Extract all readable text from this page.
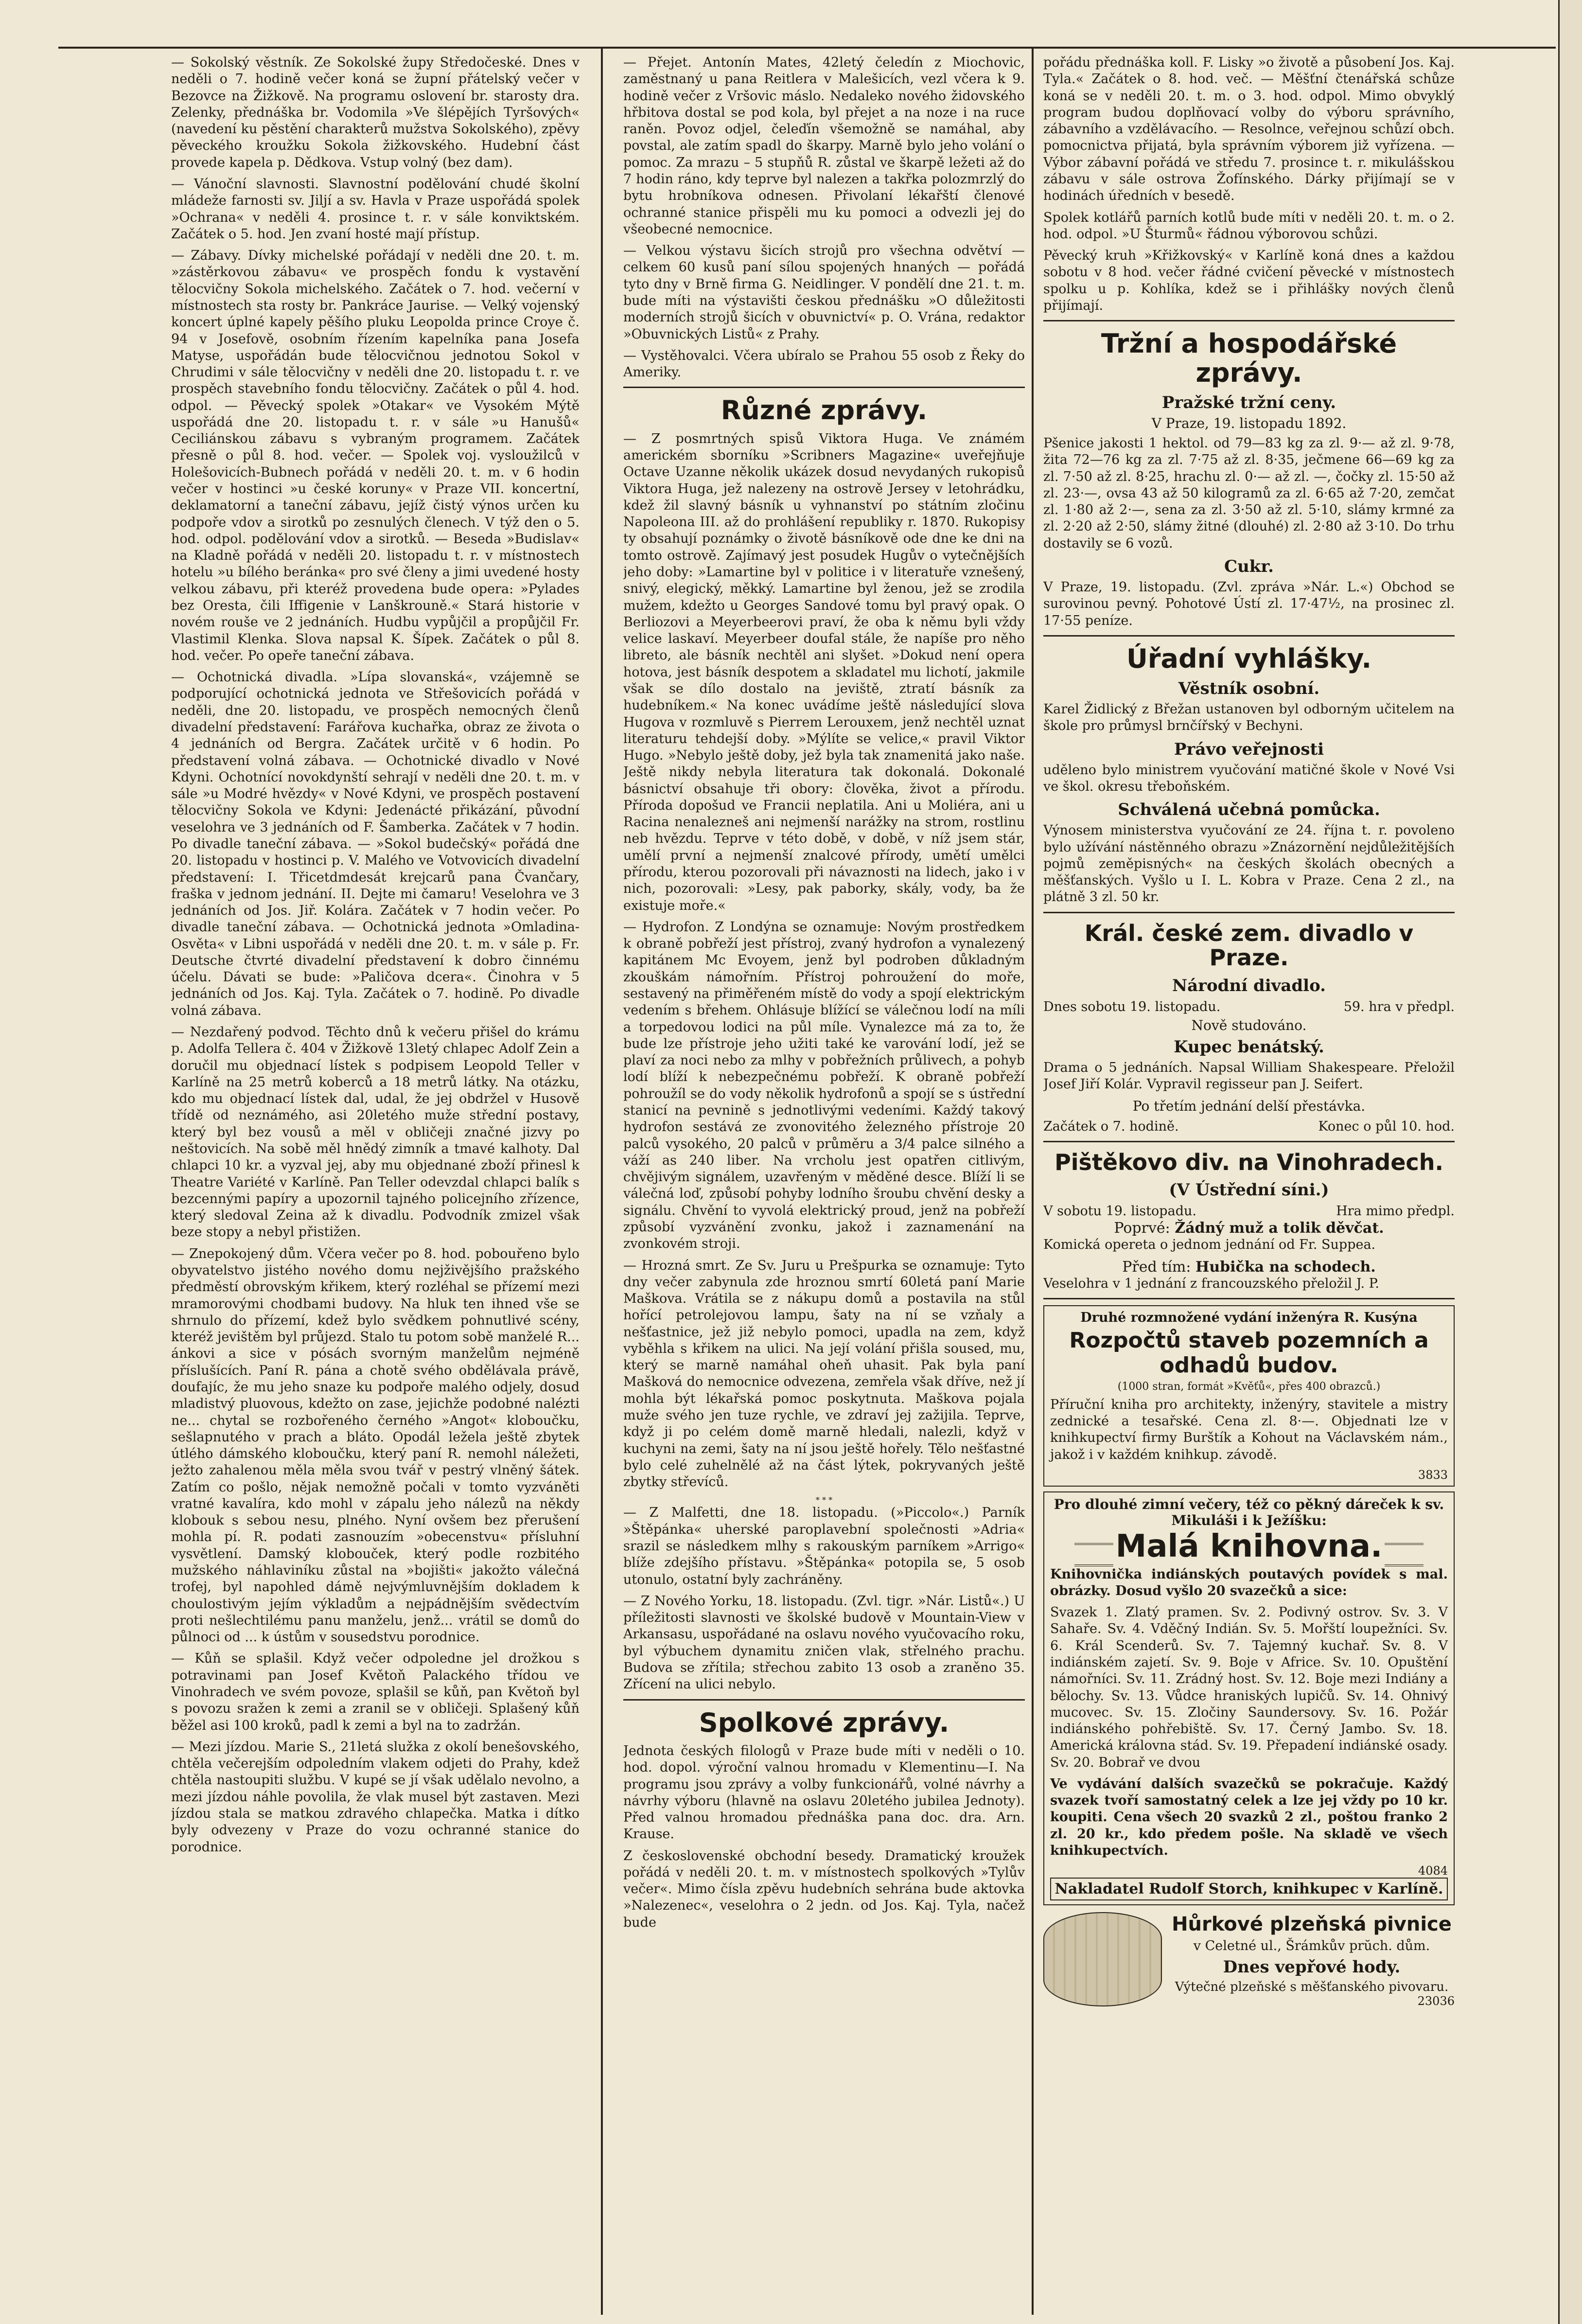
— Sokolský věstník. Ze Sokolské župy Středočeské. Dnes v neděli o 7. hodině večer koná se župní přátelský večer v Bezovce na Žižkově. Na programu oslovení br. starosty dra. Zelenky, přednáška br. Vodomila »Ve šlépějích Tyršových« (navedení ku pěstění charakterů mužstva Sokolského), zpěvy pěveckého kroužku Sokola žižkovského. Hudební část provede kapela p. Dědkova. Vstup volný (bez dam).

— Vánoční slavnosti. Slavnostní podělování chudé školní mládeže farnosti sv. Jiljí a sv. Havla v Praze uspořádá spolek »Ochrana« v neděli 4. prosince t. r. v sále konviktském. Začátek o 5. hod. Jen zvaní hosté mají přístup.

— Zábavy. Dívky michelské pořádají v neděli dne 20. t. m. »zástěrkovou zábavu« ve prospěch fondu k vystavění tělocvičny Sokola michelského. Začátek o 7. hod. večerní v místnostech sta rosty br. Pankráce Jaurise. — Velký vojenský koncert úplné kapely pěšího pluku Leopolda prince Croye č. 94 v Josefově, osobním řízením kapelníka pana Josefa Matyse, uspořádán bude tělocvičnou jednotou Sokol v Chrudimi v sále tělocvičny v neděli dne 20. listopadu t. r. ve prospěch stavebního fondu tělocvičny. Začátek o půl 4. hod. odpol. — Pěvecký spolek »Otakar« ve Vysokém Mýtě uspořádá dne 20. listopadu t. r. v sále »u Hanušů« Ceciliánskou zábavu s vybraným programem. Začátek přesně o půl 8. hod. večer. — Spolek voj. vysloužilců v Holešovicích-Bubnech pořádá v neděli 20. t. m. v 6 hodin večer v hostinci »u české koruny« v Praze VII. koncertní, deklamatorní a taneční zábavu, jejíž čistý výnos určen ku podpoře vdov a sirotků po zesnulých členech. V týž den o 5. hod. odpol. podělování vdov a sirotků. — Beseda »Budislav« na Kladně pořádá v neděli 20. listopadu t. r. v místnostech hotelu »u bílého beránka« pro své členy a jimi uvedené hosty velkou zábavu, při kteréž provedena bude opera: »Pylades bez Oresta, čili Iffigenie v Lanškrouně.« Stará historie v novém rouše ve 2 jednáních. Hudbu vypůjčil a propůjčil Fr. Vlastimil Klenka. Slova napsal K. Šípek. Začátek o půl 8. hod. večer. Po opeře taneční zábava.

— Ochotnická divadla. »Lípa slovanská«, vzájemně se podporující ochotnická jednota ve Střešovicích pořádá v neděli, dne 20. listopadu, ve prospěch nemocných členů divadelní představení: Farářova kuchařka, obraz ze života o 4 jednáních od Bergra. Začátek určitě v 6 hodin. Po představení volná zábava. — Ochotnické divadlo v Nové Kdyni. Ochotnící novokdynští sehrají v neděli dne 20. t. m. v sále »u Modré hvězdy« v Nové Kdyni, ve prospěch postavení tělocvičny Sokola ve Kdyni: Jedenácté přikázání, původní veselohra ve 3 jednáních od F. Šamberka. Začátek v 7 hodin. Po divadle taneční zábava. — »Sokol budečský« pořádá dne 20. listopadu v hostinci p. V. Malého ve Votvovicích divadelní představení: I. Třicetdmdesát krejcarů pana Čvančary, fraška v jednom jednání. II. Dejte mi čamaru! Veselohra ve 3 jednáních od Jos. Jiř. Kolára. Začátek v 7 hodin večer. Po divadle taneční zábava. — Ochotnická jednota »Omladina-Osvěta« v Libni uspořádá v neděli dne 20. t. m. v sále p. Fr. Deutsche čtvrté divadelní představení k dobro činnému účelu. Dávati se bude: »Paličova dcera«. Činohra v 5 jednáních od Jos. Kaj. Tyla. Začátek o 7. hodině. Po divadle volná zábava.

— Nezdařený podvod. Těchto dnů k večeru přišel do krámu p. Adolfa Tellera č. 404 v Žižkově 13letý chlapec Adolf Zein a doručil mu objednací lístek s podpisem Leopold Teller v Karlíně na 25 metrů koberců a 18 metrů látky. Na otázku, kdo mu objednací lístek dal, udal, že jej obdržel v Husově třídě od neznámého, asi 20letého muže střední postavy, který byl bez vousů a měl v obličeji značné jizvy po neštovicích. Na sobě měl hnědý zimník a tmavé kalhoty. Dal chlapci 10 kr. a vyzval jej, aby mu objednané zboží přinesl k Theatre Variété v Karlíně. Pan Teller odevzdal chlapci balík s bezcennými papíry a upozornil tajného policejního zřízence, který sledoval Zeina až k divadlu. Podvodník zmizel však beze stopy a nebyl přistižen.

— Znepokojený dům. Včera večer po 8. hod. pobouřeno bylo obyvatelstvo jistého nového domu nejživějšího pražského předměstí obrovským křikem, který rozléhal se přízemí mezi mramorovými chodbami budovy. Na hluk ten ihned vše se shrnulo do přízemí, kdež bylo svědkem pohnutlivé scény, kteréž jevištěm byl průjezd. Stalo tu potom sobě manželé R... ánkovi a sice v pósách svorným manželům nejméně příslušících. Paní R. pána a chotě svého obdělávala právě, doufajíc, že mu jeho snaze ku podpoře malého odjely, dosud mladistvý pluovous, kdežto on zase, jejichže podobné nalézti ne... chytal se rozbořeného černého »Angot« kloboučku, sešlapnutého v prach a bláto. Opodál ležela ještě zbytek útlého dámského kloboučku, který paní R. nemohl náležeti, ježto zahalenou měla měla svou tvář v pestrý vlněný šátek. Zatím co pošlo, nějak nemožně počali v tomto vyzváněti vratné kavalíra, kdo mohl v zápalu jeho nálezů na někdy klobouk s sebou nesu, plného. Nyní ovšem bez přerušení mohla pí. R. podati zasnouzím »obecenstvu« přísluhní vysvětlení. Damský klobouček, který podle rozbitého mužského náhlaviníku zůstal na »bojišti« jakožto válečná trofej, byl napohled dámě nejvýmluvnějším dokladem k choulostivým jejím výkladům a nejpádnějším svědectvím proti nešlechtilému panu manželu, jenž... vrátil se domů do půlnoci od ... k ústům v sousedstvu porodnice.

— Kůň se splašil. Když večer odpoledne jel drožkou s potravinami pan Josef Květoň Palackého třídou ve Vinohradech ve svém povoze, splašil se kůň, pan Květoň byl s povozu sražen k zemi a zranil se v obličeji. Splašený kůň běžel asi 100 kroků, padl k zemi a byl na to zadržán.

— Mezi jízdou. Marie S., 21letá služka z okolí benešovského, chtěla večerejším odpoledním vlakem odjeti do Prahy, kdež chtěla nastoupiti službu. V kupé se jí však udělalo nevolno, a mezi jízdou náhle povolila, že vlak musel být zastaven. Mezi jízdou stala se matkou zdravého chlapečka. Matka i dítko byly odvezeny v Praze do vozu ochranné stanice do porodnice.

— Přejet. Antonín Mates, 42letý čeledín z Miochovic, zaměstnaný u pana Reitlera v Malešicích, vezl včera k 9. hodině večer z Vršovic máslo. Nedaleko nového židovského hřbitova dostal se pod kola, byl přejet a na noze i na ruce raněn. Povoz odjel, čeleďín všemožně se namáhal, aby povstal, ale zatím spadl do škarpy. Marně bylo jeho volání o pomoc. Za mrazu – 5 stupňů R. zůstal ve škarpě ležeti až do 7 hodin ráno, kdy teprve byl nalezen a takřka polozmrzlý do bytu hrobníkova odnesen. Přivolaní lékařští členové ochranné stanice přispěli mu ku pomoci a odvezli jej do všeobecné nemocnice.

— Velkou výstavu šicích strojů pro všechna odvětví — celkem 60 kusů paní sílou spojených hnaných — pořádá tyto dny v Brně firma G. Neidlinger. V pondělí dne 21. t. m. bude míti na výstavišti českou přednášku »O důležitosti moderních strojů šicích v obuvnictví« p. O. Vrána, redaktor »Obuvnických Listů« z Prahy.

— Vystěhovalci. Včera ubíralo se Prahou 55 osob z Řeky do Ameriky.

Různé zprávy.

— Z posmrtných spisů Viktora Huga. Ve známém americkém sborníku »Scribners Magazine« uveřejňuje Octave Uzanne několik ukázek dosud nevydaných rukopisů Viktora Huga, jež nalezeny na ostrově Jersey v letohrádku, kdež žil slavný básník u vyhnanství po státním zločinu Napoleona III. až do prohlášení republiky r. 1870. Rukopisy ty obsahují poznámky o životě básníkově ode dne ke dni na tomto ostrově. Zajímavý jest posudek Hugův o vytečnějších jeho doby: »Lamartine byl v politice i v literatuře vznešený, snivý, elegický, měkký. Lamartine byl ženou, jež se zrodila mužem, kdežto u Georges Sandové tomu byl pravý opak. O Berliozovi a Meyerbeerovi praví, že oba k němu byli vždy velice laskaví. Meyerbeer doufal stále, že napíše pro něho libreto, ale básník nechtěl ani slyšet. »Dokud není opera hotova, jest básník despotem a skladatel mu lichotí, jakmile však se dílo dostalo na jeviště, ztratí básník za hudebníkem.« Na konec uvádíme ještě následující slova Hugova v rozmluvě s Pierrem Lerouxem, jenž nechtěl uznat literaturu tehdejší doby. »Mýlíte se velice,« pravil Viktor Hugo. »Nebylo ještě doby, jež byla tak znamenitá jako naše. Ještě nikdy nebyla literatura tak dokonalá. Dokonalé básnictví obsahuje tři obory: člověka, život a přírodu. Příroda dopošud ve Francii neplatila. Ani u Moliéra, ani u Racina nenalezneš ani nejmenší narážky na strom, rostlinu neb hvězdu. Teprve v této době, v době, v níž jsem stár, umělí první a nejmenší znalcové přírody, umětí umělci přírodu, kterou pozorovali při návaznosti na lidech, jako i v nich, pozorovali: »Lesy, pak paborky, skály, vody, ba že existuje moře.«

— Hydrofon. Z Londýna se oznamuje: Novým prostředkem k obraně pobřeží jest přístroj, zvaný hydrofon a vynalezený kapitánem Mc Evoyem, jenž byl podroben důkladným zkouškám námořním. Přístroj pohroužení do moře, sestavený na přiměřeném místě do vody a spojí elektrickým vedením s břehem. Ohlásuje blížící se válečnou lodí na míli a torpedovou lodici na půl míle. Vynalezce má za to, že bude lze přístroje jeho užiti také ke varování lodí, jež se plaví za noci nebo za mlhy v pobřežních průlivech, a pohyb lodí blíží k nebezpečnému pobřeží. K obraně pobřeží pohroužíl se do vody několik hydrofonů a spojí se s ústřední stanicí na pevnině s jednotlivými vedeními. Každý takový hydrofon sestává ze zvonovitého železného přístroje 20 palců vysokého, 20 palců v průměru a 3/4 palce silného a váží as 240 liber. Na vrcholu jest opatřen citlivým, chvějivým signálem, uzavřeným v měděné desce. Blíží li se válečná loď, způsobí pohyby lodního šroubu chvění desky a signálu. Chvění to vyvolá elektrický proud, jenž na pobřeží způsobí vyzvánění zvonku, jakož i zaznamenání na zvonkovém stroji.

— Hrozná smrt. Ze Sv. Juru u Prešpurka se oznamuje: Tyto dny večer zabynula zde hroznou smrtí 60letá paní Marie Maškova. Vrátila se z nákupu domů a postavila na stůl hořící petrolejovou lampu, šaty na ní se vzňaly a nešťastnice, jež již nebylo pomoci, upadla na zem, když vyběhla s křikem na ulici. Na její volání přišla soused, mu, který se marně namáhal oheň uhasit. Pak byla paní Mašková do nemocnice odvezena, zemřela však dříve, než jí mohla být lékařská pomoc poskytnuta. Maškova pojala muže svého jen tuze rychle, ve zdraví jej zažijila. Teprve, když ji po celém domě marně hledali, nalezli, když v kuchyni na zemi, šaty na ní jsou ještě hořely. Tělo nešťastné bylo celé zuhelnělé až na část lýtek, pokryvaných ještě zbytky střevíců.

* * *

— Z Malfetti, dne 18. listopadu. (»Piccolo«.) Parník »Štěpánka« uherské paroplavební společnosti »Adria« srazil se následkem mlhy s rakouským parníkem »Arrigo« blíže zdejšího přístavu. »Štěpánka« potopila se, 5 osob utonulo, ostatní byly zachráněny.

— Z Nového Yorku, 18. listopadu. (Zvl. tigr. »Nár. Listů«.) U příležitosti slavnosti ve školské budově v Mountain-View v Arkansasu, uspořádané na oslavu nového vyučovacího roku, byl výbuchem dynamitu zničen vlak, střelného prachu. Budova se zřítila; střechou zabito 13 osob a zraněno 35. Zřícení na ulici nebylo.

Spolkové zprávy.

Jednota českých filologů v Praze bude míti v neděli o 10. hod. dopol. výroční valnou hromadu v Klementinu—I. Na programu jsou zprávy a volby funkcionářů, volné návrhy a návrhy výboru (hlavně na oslavu 20letého jubilea Jednoty). Před valnou hromadou přednáška pana doc. dra. Arn. Krause.

Z československé obchodní besedy. Dramatický kroužek pořádá v neděli 20. t. m. v místnostech spolkových »Tylův večer«. Mimo čísla zpěvu hudebních sehrána bude aktovka »Nalezenec«, veselohra o 2 jedn. od Jos. Kaj. Tyla, načež bude

pořádu přednáška koll. F. Lisky »o životě a působení Jos. Kaj. Tyla.« Začátek o 8. hod. več. — Měšťní čtenářská schůze koná se v neděli 20. t. m. o 3. hod. odpol. Mimo obvyklý program budou doplňovací volby do výboru správního, zábavního a vzdělávacího. — Resolnce, veřejnou schůzí obch. pomocnictva přijatá, byla správním výborem již vyřízena. — Výbor zábavní pořádá ve středu 7. prosince t. r. mikulášskou zábavu v sále ostrova Žofínského. Dárky přijímají se v hodinách úředních v besedě.

Spolek kotlářů parních kotlů bude míti v neděli 20. t. m. o 2. hod. odpol. »U Šturmů« řádnou výborovou schůzi.

Pěvecký kruh »Křižkovský« v Karlíně koná dnes a každou sobotu v 8 hod. večer řádné cvičení pěvecké v místnostech spolku u p. Kohlíka, kdež se i přihlášky nových členů přijímají.

Tržní a hospodářské zprávy.
Pražské tržní ceny.
V Praze, 19. listopadu 1892.

Pšenice jakosti 1 hektol. od 79—83 kg za zl. 9·— až zl. 9·78, žita 72—76 kg za zl. 7·75 až zl. 8·35, ječmene 66—69 kg za zl. 7·50 až zl. 8·25, hrachu zl. 0·— až zl. —, čočky zl. 15·50 až zl. 23·—, ovsa 43 až 50 kilogramů za zl. 6·65 až 7·20, zemčat zl. 1·80 až 2·—, sena za zl. 3·50 až zl. 5·10, slámy krmné za zl. 2·20 až 2·50, slámy žitné (dlouhé) zl. 2·80 až 3·10. Do trhu dostavily se 6 vozů.

Cukr.

V Praze, 19. listopadu. (Zvl. zpráva »Nár. L.«) Obchod se surovinou pevný. Pohotové Ústí zl. 17·47½, na prosinec zl. 17·55 peníze.

Úřadní vyhlášky.
Věstník osobní.

Karel Židlický z Břežan ustanoven byl odborným učitelem na škole pro průmysl brnčířský v Bechyni.

Právo veřejnosti

uděleno bylo ministrem vyučování matičné škole v Nové Vsi ve škol. okresu třeboňském.

Schválená učebná pomůcka.

Výnosem ministerstva vyučování ze 24. října t. r. povoleno bylo užívání nástěnného obrazu »Znázornění nejdůležitějších pojmů zeměpisných« na českých školách obecných a měšťanských. Vyšlo u I. L. Kobra v Praze. Cena 2 zl., na plátně 3 zl. 50 kr.

Král. české zem. divadlo v Praze.
Národní divadlo.
Dnes sobotu 19. listopadu.	59. hra v předpl.
Nově studováno.
Kupec benátský.

Drama o 5 jednáních. Napsal William Shakespeare. Přeložil Josef Jiří Kolár. Vypravil regisseur pan J. Seifert.

Po třetím jednání delší přestávka.
Začátek o 7. hodině.	Konec o půl 10. hod.
Pištěkovo div. na Vinohradech.
(V Ústřední síni.)
V sobotu 19. listopadu.	Hra mimo předpl.
Poprvé: Žádný muž a tolik děvčat.

Komická opereta o jednom jednání od Fr. Suppea.

Před tím: Hubička na schodech.

Veselohra v 1 jednání z francouzského přeložil J. P.

Druhé rozmnožené vydání inženýra R. Kusýna
Rozpočtů staveb pozemních a odhadů budov.
(1000 stran, formát »Kvěťů«, přes 400 obrazců.)

Příruční kniha pro architekty, inženýry, stavitele a mistry zednické a tesařské. Cena zl. 8·—. Objednati lze v knihkupectví firmy Burštík a Kohout na Václavském nám., jakož i v každém knihkup. závodě.

3833
Pro dlouhé zimní večery, též co pěkný dáreček k sv. Mikuláši i k Ježíšku:
Malá knihovna.

Knihovnička indiánských poutavých povídek s mal. obrázky. Dosud vyšlo 20 svazečků a sice:

Svazek 1. Zlatý pramen. Sv. 2. Podivný ostrov. Sv. 3. V Sahaře. Sv. 4. Vděčný Indián. Sv. 5. Mořští loupežníci. Sv. 6. Král Scenderů. Sv. 7. Tajemný kuchař. Sv. 8. V indiánském zajetí. Sv. 9. Boje v Africe. Sv. 10. Opuštění námořníci. Sv. 11. Zrádný host. Sv. 12. Boje mezi Indiány a bělochy. Sv. 13. Vůdce hraniských lupičů. Sv. 14. Ohnivý mucovec. Sv. 15. Zločiny Saundersovy. Sv. 16. Požár indiánského pohřebiště. Sv. 17. Černý Jambo. Sv. 18. Americká královna stád. Sv. 19. Přepadení indiánské osady. Sv. 20. Bobrař ve dvou

Ve vydávání dalších svazečků se pokračuje. Každý svazek tvoří samostatný celek a lze jej vždy po 10 kr. koupiti. Cena všech 20 svazků 2 zl., poštou franko 2 zl. 20 kr., kdo předem pošle. Na skladě ve všech knihkupectvích.

4084
Nakladatel Rudolf Storch, knihkupec v Karlíně.
Hůrkové plzeňská pivnice
v Celetné ul., Šrámkův prŭch. dům.
Dnes vepřové hody.
Výtečné plzeňské s měšťanského pivovaru.
23036
